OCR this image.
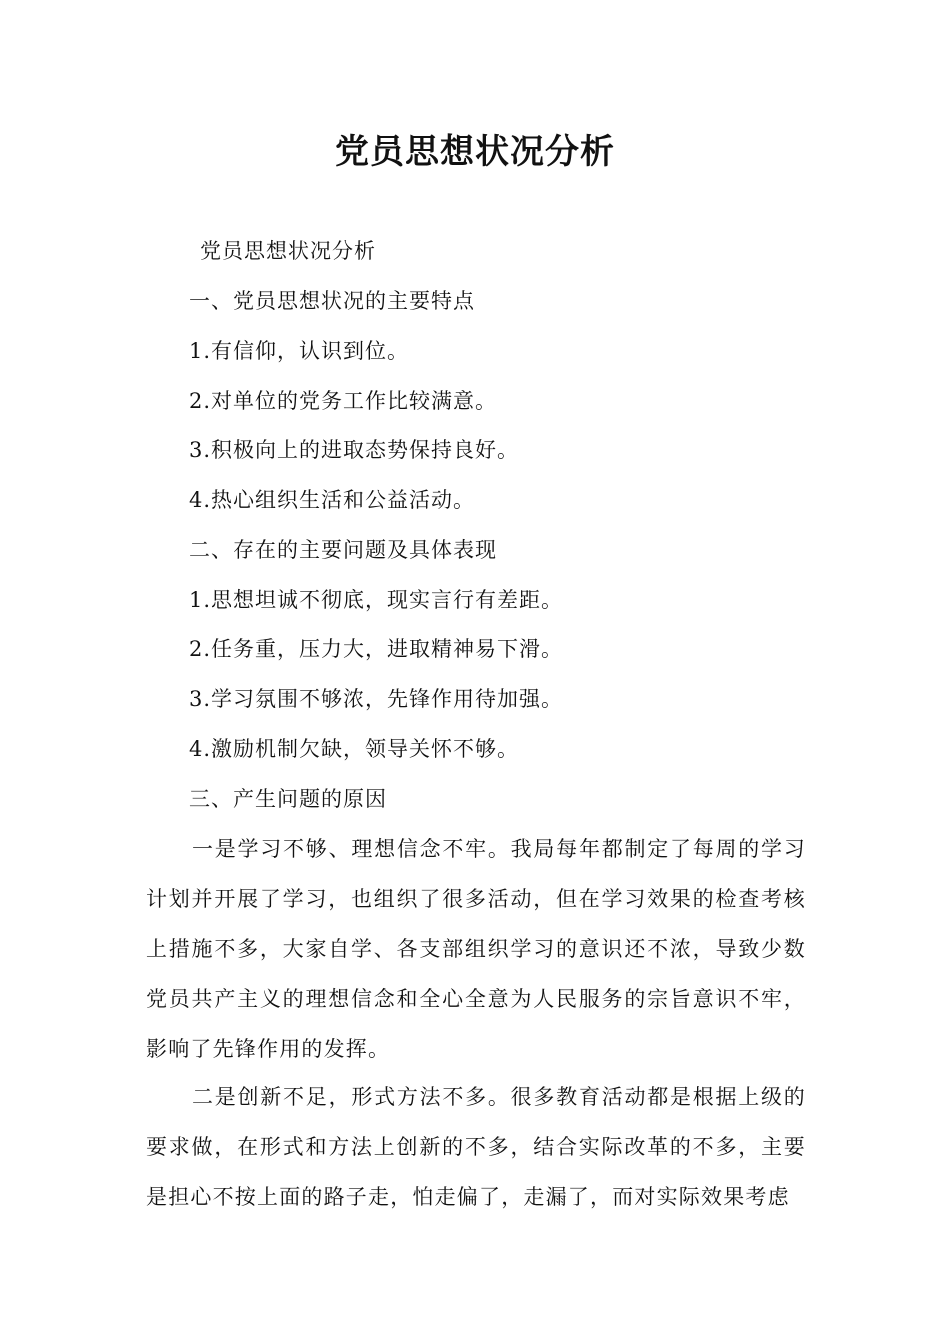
党员思想状况分析
党员思想状况分析
一、党员思想状况的主要特点
1.有信仰，认识到位。
2.对单位的党务工作比较满意。
3.积极向上的进取态势保持良好。
4.热心组织生活和公益活动。
二、存在的主要问题及具体表现
1.思想坦诚不彻底，现实言行有差距。
2.任务重，压力大，进取精神易下滑。
3.学习氛围不够浓，先锋作用待加强。
4.激励机制欠缺，领导关怀不够。
三、产生问题的原因
一是学习不够、理想信念不牢。我局每年都制定了每周的学习计划并开展了学习，也组织了很多活动，但在学习效果的检查考核上措施不多，大家自学、各支部组织学习的意识还不浓，导致少数党员共产主义的理想信念和全心全意为人民服务的宗旨意识不牢，影响了先锋作用的发挥。
二是创新不足，形式方法不多。很多教育活动都是根据上级的要求做，在形式和方法上创新的不多，结合实际改革的不多，主要是担心不按上面的路子走，怕走偏了，走漏了，而对实际效果考虑
